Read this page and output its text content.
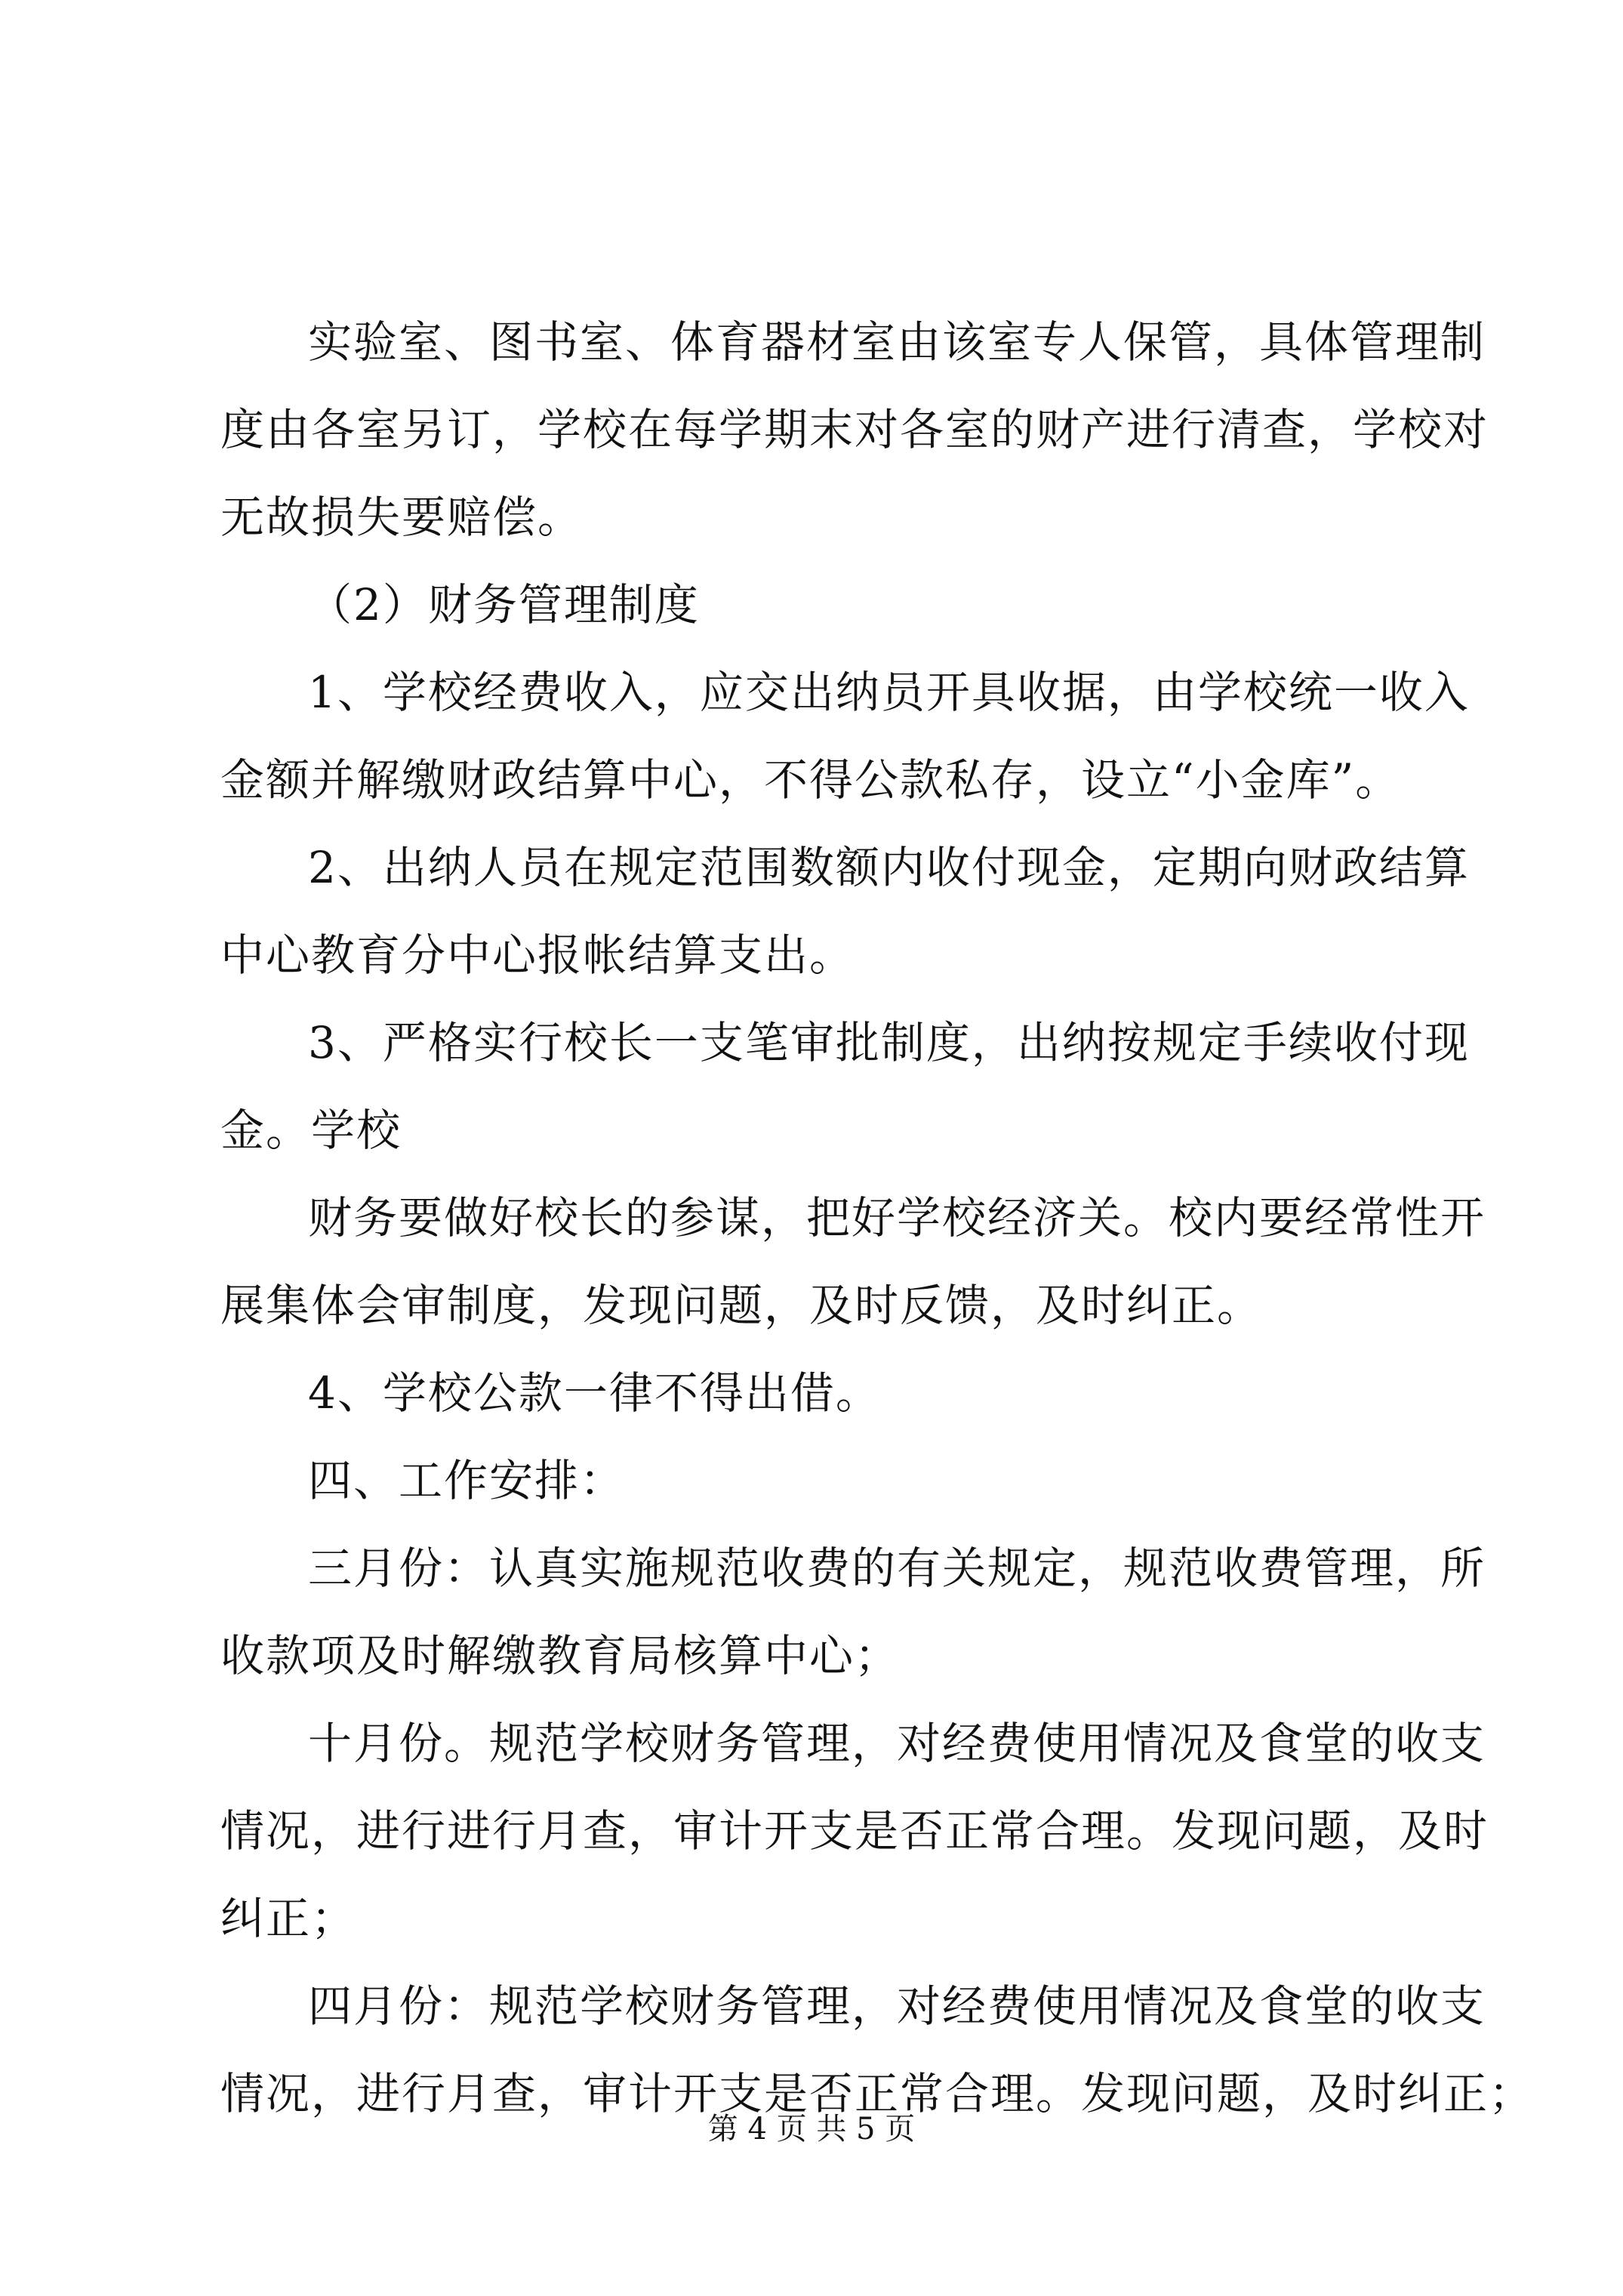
实验室、图书室、体育器材室由该室专人保管，具体管理制
度由各室另订，学校在每学期末对各室的财产进行清查，学校对
无故损失要赔偿。
（2）财务管理制度
1、学校经费收入，应交出纳员开具收据，由学校统一收入
金额并解缴财政结算中心，不得公款私存，设立“小金库”。
2、出纳人员在规定范围数额内收付现金，定期向财政结算
中心教育分中心报帐结算支出。
3、严格实行校长一支笔审批制度，出纳按规定手续收付现
金。学校
财务要做好校长的参谋，把好学校经济关。校内要经常性开
展集体会审制度，发现问题，及时反馈，及时纠正。
4、学校公款一律不得出借。
四、工作安排：
三月份：认真实施规范收费的有关规定，规范收费管理，所
收款项及时解缴教育局核算中心；
十月份。规范学校财务管理，对经费使用情况及食堂的收支
情况，进行进行月查，审计开支是否正常合理。发现问题，及时
纠正；
四月份：规范学校财务管理，对经费使用情况及食堂的收支
情况，进行月查，审计开支是否正常合理。发现问题，及时纠正；
第 4 页 共 5 页
